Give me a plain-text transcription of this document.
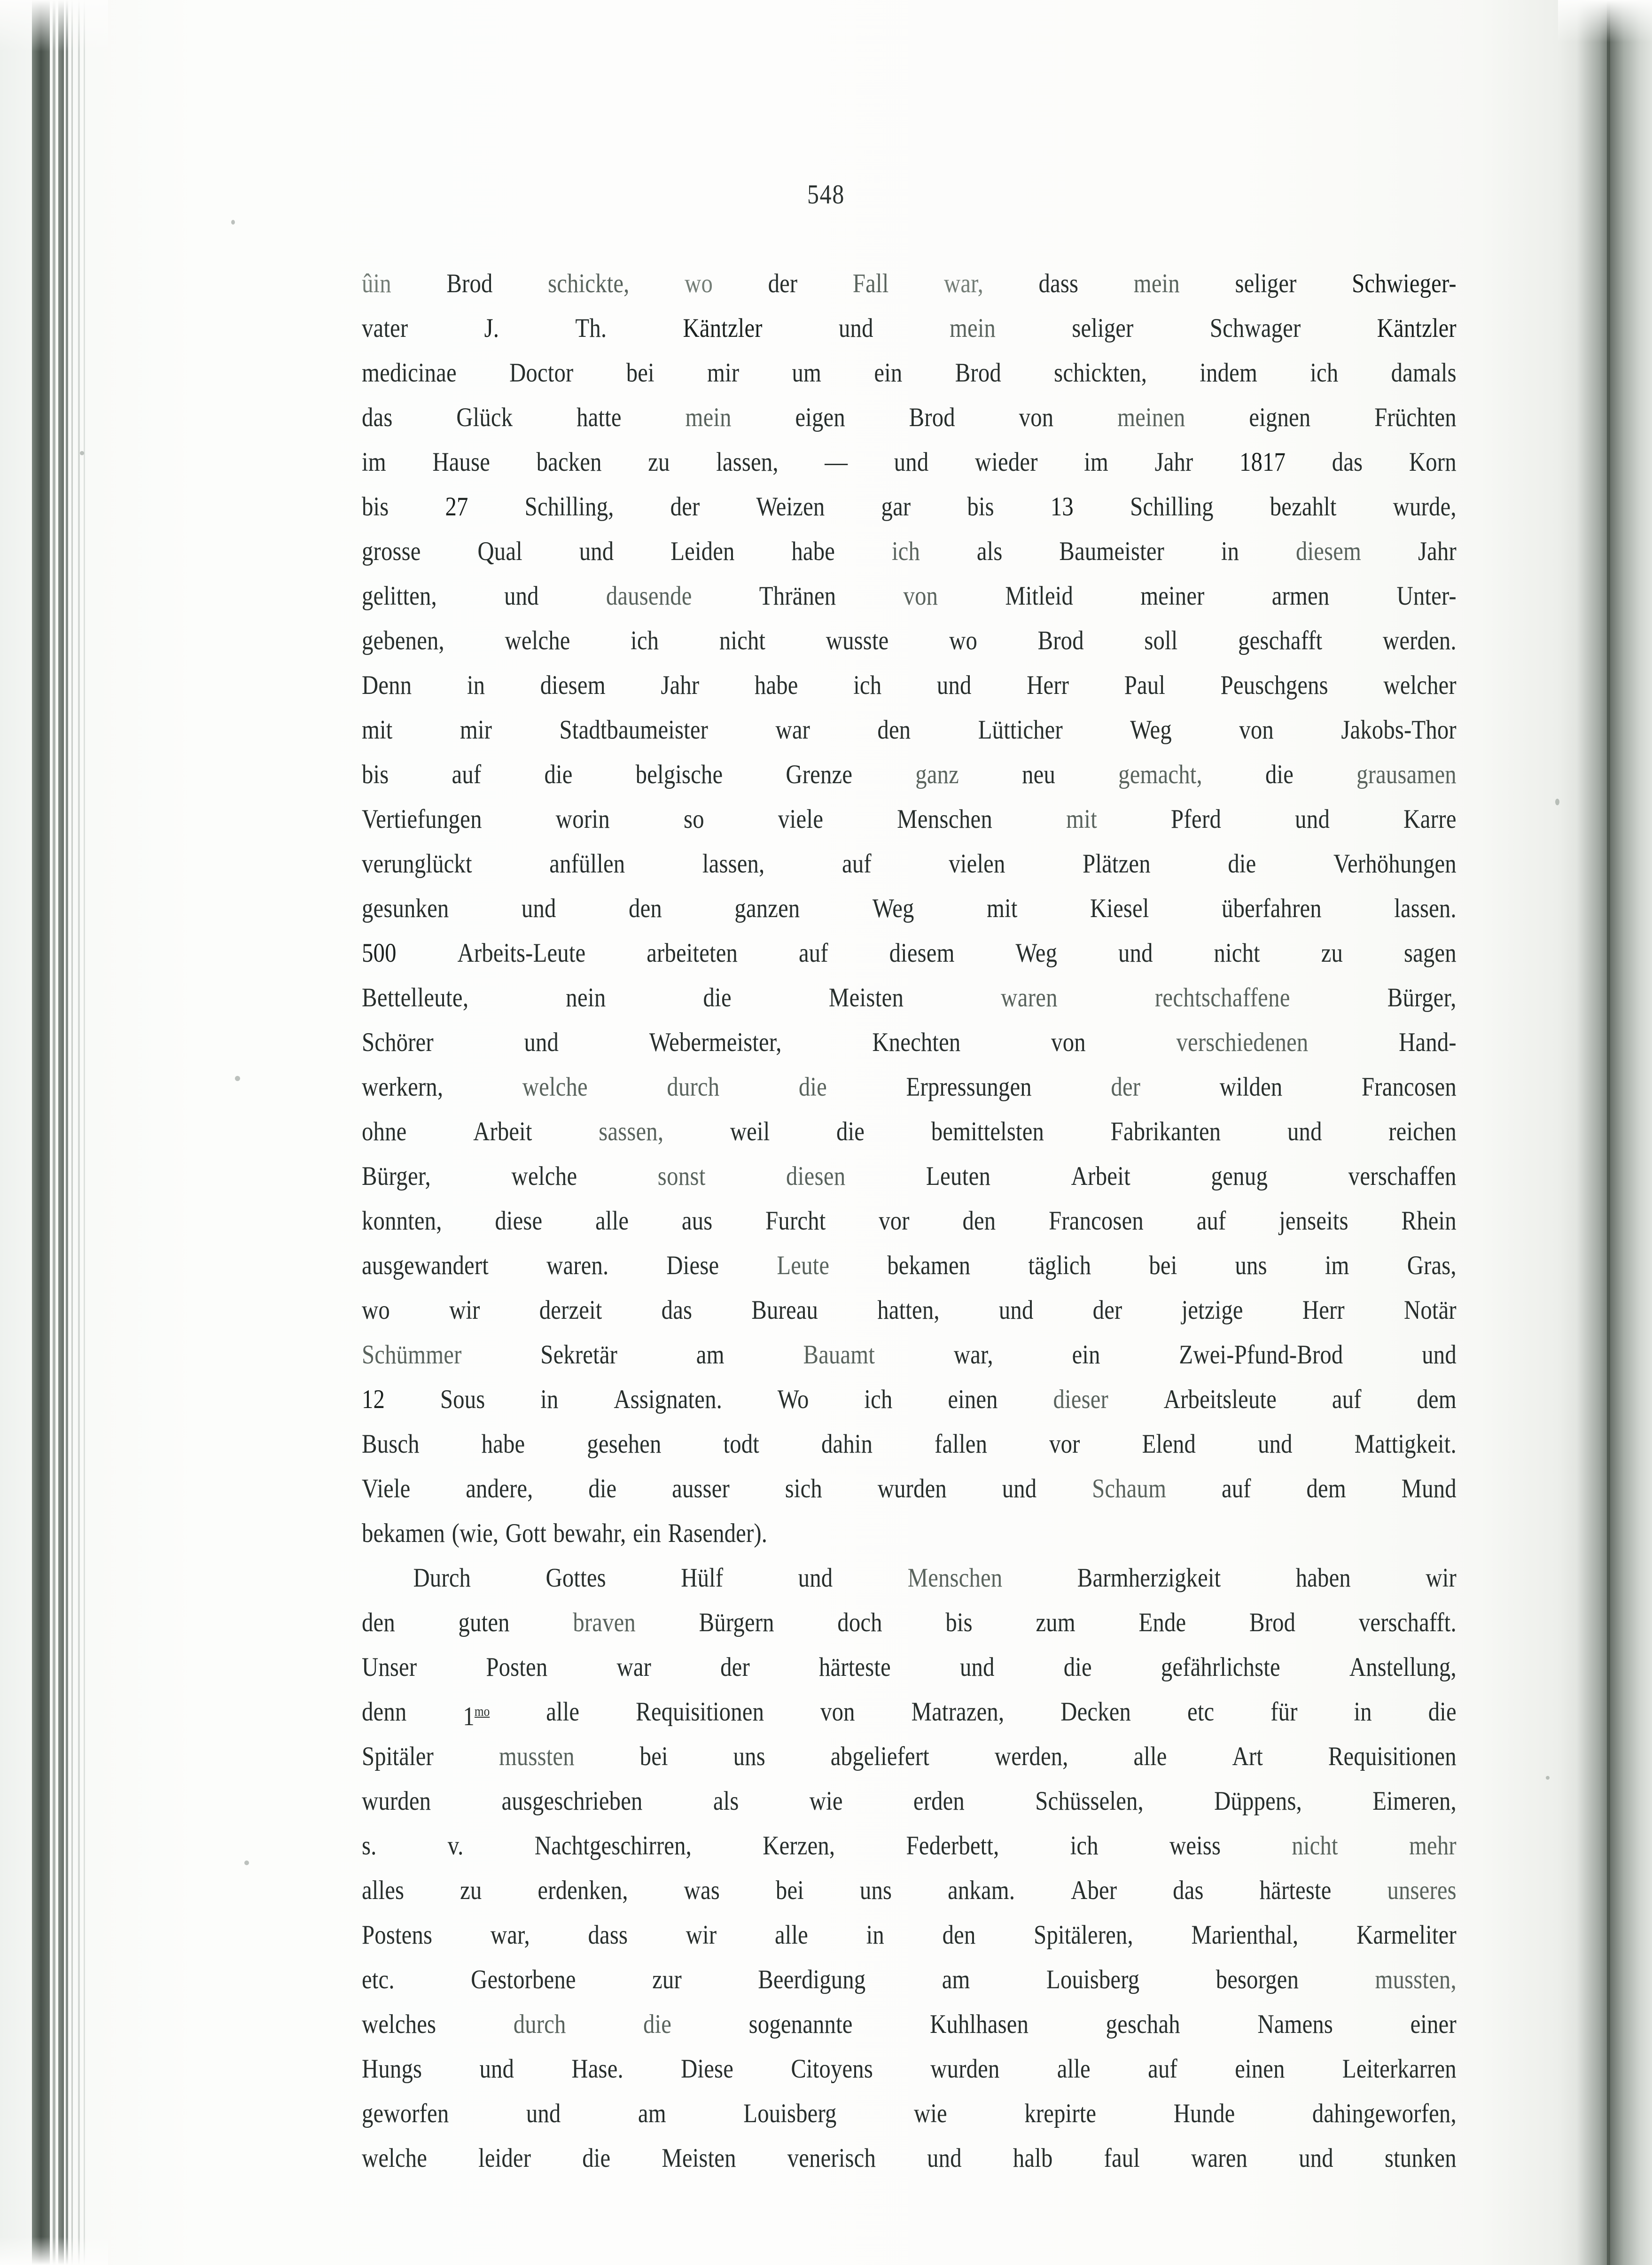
548
ûin Brod schickte, wo der Fall war, dass mein seliger Schwieger-
vater	J.	Th.	Käntzler	und	mein	seliger	Schwager	Käntzler
medicinae Doctor bei mir um ein Brod schickten, indem ich damals
das Glück hatte mein eigen Brod von meinen eignen Früchten
im Hause backen zu lassen, — und wieder im Jahr 1817 das Korn
bis 27 Schilling, der Weizen gar bis 13 Schilling bezahlt wurde,
grosse Qual und Leiden habe ich als Baumeister in diesem Jahr
gelitten,	und	dausende	Thränen	von	Mitleid	meiner	armen	Unter-
gebenen, welche ich nicht wusste wo Brod soll geschafft werden.
Denn in diesem Jahr habe ich und Herr Paul Peuschgens welcher
mit	mir	Stadtbaumeister	war	den	Lütticher	Weg	von	Jakobs-Thor
bis auf die belgische Grenze ganz neu gemacht, die grausamen
Vertiefungen	worin	so	viele	Menschen	mit	Pferd	und	Karre
verunglückt	anfüllen	lassen,	auf	vielen	Plätzen	die	Verhöhungen
gesunken	und	den	ganzen	Weg	mit	Kiesel	überfahren	lassen.
500 Arbeits-Leute arbeiteten auf diesem Weg und nicht zu sagen
Bettelleute,	nein	die	Meisten	waren	rechtschaffene	Bürger,
Schörer	und	Webermeister,	Knechten	von	verschiedenen	Hand-
werkern,	welche	durch	die	Erpressungen	der	wilden	Francosen
ohne Arbeit sassen, weil die bemittelsten Fabrikanten und reichen
Bürger,	welche	sonst	diesen	Leuten	Arbeit	genug	verschaffen
konnten, diese alle aus Furcht vor den Francosen auf jenseits Rhein
ausgewandert waren. Diese Leute bekamen täglich bei uns im Gras,
wo wir derzeit das Bureau hatten, und der jetzige Herr Notär
Schümmer	Sekretär	am	Bauamt	war,	ein	Zwei-Pfund-Brod	und
12 Sous in Assignaten. Wo ich einen dieser Arbeitsleute auf dem
Busch habe gesehen todt dahin fallen vor Elend und Mattigkeit.
Viele andere, die ausser sich wurden und Schaum auf dem Mund
bekamen (wie, Gott bewahr, ein Rasender).
Durch	Gottes	Hülf	und	Menschen	Barmherzigkeit	haben	wir
den guten braven Bürgern doch bis zum Ende Brod verschafft.
Unser	Posten	war	der	härteste	und	die	gefährlichste	Anstellung,
denn $1^{mo}$ alle Requisitionen von Matrazen, Decken etc für in die
Spitäler mussten bei uns abgeliefert werden, alle Art Requisitionen
wurden	ausgeschrieben	als	wie	erden	Schüsselen,	Düppens,	Eimeren,
s.	v.	Nachtgeschirren,	Kerzen,	Federbett,	ich	weiss	nicht	mehr
alles zu erdenken, was bei uns ankam. Aber das härteste unseres
Postens war, dass wir alle in den Spitäleren, Marienthal, Karmeliter
etc.	Gestorbene	zur	Beerdigung	am	Louisberg	besorgen	mussten,
welches	durch	die	sogenannte	Kuhlhasen	geschah	Namens	einer
Hungs und Hase. Diese Citoyens wurden alle auf einen Leiterkarren
geworfen	und	am	Louisberg	wie	krepirte	Hunde	dahingeworfen,
welche leider die Meisten venerisch und halb faul waren und stunken
